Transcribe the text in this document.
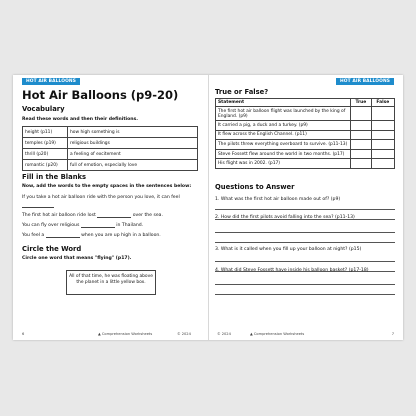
HOT AIR BALLOONS
Hot Air Balloons (p9-20)
Vocabulary
Read these words and then their definitions.
height (p11)	how high something is
temples (p19)	religious buildings
thrill (p20)	a feeling of excitement
romantic (p20)	full of emotion, especially love
Fill in the Blanks
Now, add the words to the empty spaces in the sentences below:
If you take a hot air balloon ride with the person you love, it can feel
The first hot air balloon ride lost	over the sea.
You can fly over religious	in Thailand.
You feel a	when you are up high in a balloon.
Circle the Word
Circle one word that means "flying" (p17).
All of that time, he was floating above the planet in a little yellow box.
6	▲ Comprehension Worksheets	© 2024
HOT AIR BALLOONS
True or False?
Statement	True	False
The first hot air balloon flight was launched by the king of England. (p9)		
It carried a pig, a duck and a turkey. (p9)		
It flew across the English Channel. (p11)		
The pilots threw everything overboard to survive. (p11-13)		
Steve Fossett flew around the world in two months. (p17)		
His flight was in 2002. (p17)		
Questions to Answer
1. What was the first hot air balloon made out of? (p9)
2. How did the first pilots avoid falling into the sea? (p11-13)
3. What is it called when you fill up your balloon at night? (p15)
4. What did Steve Fossett have inside his balloon basket? (p17-18)
© 2024	▲ Comprehension Worksheets	7
